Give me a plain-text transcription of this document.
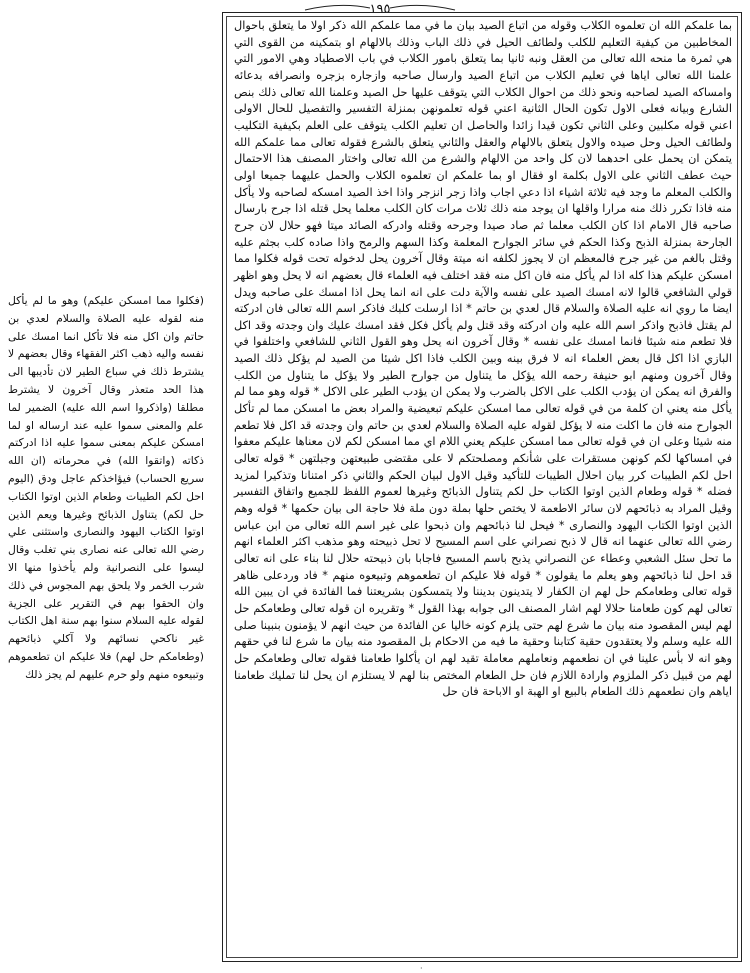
١٩٥

بما علمكم الله ان تعلموه الكلاب وقوله من اتباع الصيد بيان ما في مما علمكم الله ذكر اولا ما يتعلق باحوال المخاطبين من كيفية التعليم للكلب ولطائف الحيل في ذلك الباب وذلك بالالهام او بتمكينه من القوى التي هي ثمرة ما منحه الله تعالى من العقل ونبه ثانيا بما يتعلق بامور الكلاب في باب الاصطياد وهي الامور التي علمنا الله تعالى اياها في تعليم الكلاب من اتباع الصيد وارسال صاحبه وازجاره بزجره وانصرافه بدعائه وامساكه الصيد لصاحبه ونحو ذلك من احوال الكلاب التي يتوقف عليها حل الصيد وعلمنا الله تعالى ذلك بنص الشارع وبيانه فعلى الاول تكون الحال الثانية اعني قوله تعلمونهن بمنزلة التفسير والتفصيل للحال الاولى اعني قوله مكلبين وعلى الثاني تكون قيدا زائدا والحاصل ان تعليم الكلب يتوقف على العلم بكيفية التكليب ولطائف الحيل وحل صيده والاول يتعلق بالالهام والعقل والثاني يتعلق بالشرع فقوله تعالى مما علمكم الله يتمكن ان يحمل على احدهما لان كل واحد من الالهام والشرع من الله تعالى واختار المصنف هذا الاحتمال حيث عطف الثاني على الاول بكلمة او فقال او بما علمكم ان تعلموه الكلاب والحمل عليهما جميعا اولى والكلب المعلم ما وجد فيه ثلاثة اشياء اذا دعي اجاب واذا زجر انزجر واذا اخذ الصيد امسكه لصاحبه ولا يأكل منه فاذا تكرر ذلك منه مرارا واقلها ان يوجد منه ذلك ثلاث مرات كان الكلب معلما يحل قتله اذا جرح بارسال صاحبه قال الامام اذا كان الكلب معلما ثم صاد صيدا وجرحه وقتله وادركه الصائد ميتا فهو حلال لان جرح الجارحة بمنزلة الذبح وكذا الحكم في سائر الجوارح المعلمة وكذا السهم والرمح واذا صاده كلب بجثم عليه وقتل بالغم من غير جرح فالمعظم ان لا يجوز لكلفه انه ميتة وقال آخرون يحل لدخوله تحت قوله فكلوا مما امسكن عليكم هذا كله اذا لم يأكل منه فان اكل منه فقد اختلف فيه العلماء قال بعضهم انه لا يحل وهو اظهر قولي الشافعي قالوا لانه امسك الصيد على نفسه والآية دلت على انه انما يحل اذا امسك على صاحبه ويدل ايضا ما روي انه عليه الصلاة والسلام قال لعدي بن حاتم * اذا ارسلت كلبك فاذكر اسم الله تعالى فان ادركته لم يقتل فاذبح واذكر اسم الله عليه وان ادركته وقد قتل ولم يأكل فكل فقد امسك عليك وان وجدته وقد اكل فلا تطعم منه شيئا فانما امسك على نفسه * وقال آخرون انه يحل وهو القول الثاني للشافعي واختلفوا في البازي اذا اكل قال بعض العلماء انه لا فرق بينه وبين الكلب فاذا اكل شيئا من الصيد لم يؤكل ذلك الصيد وقال آخرون ومنهم ابو حنيفة رحمه الله يؤكل ما يتناول من جوارح الطير ولا يؤكل ما يتناول من الكلب والفرق انه يمكن ان يؤدب الكلب على الاكل بالضرب ولا يمكن ان يؤدب الطير على الاكل * قوله وهو مما لم يأكل منه يعني ان كلمة من في قوله تعالى مما امسكن عليكم تبعيضية والمراد بعض ما امسكن مما لم تأكل الجوارح منه فان ما اكلت منه لا يؤكل لقوله عليه الصلاة والسلام لعدي بن حاتم وان وجدته قد اكل فلا تطعم منه شيئا وعلى ان في قوله تعالى مما امسكن عليكم يعني اللام اي مما امسكن لكم لان معناها عليكم معفوا في امساكها لكم كونهن مستقرات على شأنكم ومصلحتكم لا على مقتضى طبيعتهن وجبلتهن * قوله تعالى احل لكم الطيبات كرر بيان احلال الطيبات للتأكيد وقيل الاول لبيان الحكم والثاني ذكر امتنانا وتذكيرا لمزيد فضله * قوله وطعام الذين اوتوا الكتاب حل لكم يتناول الذبائح وغيرها لعموم اللفظ للجميع واتفاق التفسير وقيل المراد به ذبائحهم لان سائر الاطعمة لا يختص حلها بملة دون ملة فلا حاجة الى بيان حكمها * قوله وهم الذين اوتوا الكتاب اليهود والنصارى * فيحل لنا ذبائحهم وان ذبحوا على غير اسم الله تعالى من ابن عباس رضي الله تعالى عنهما انه قال لا ذبح نصراني على اسم المسيح لا تحل ذبيحته وهو مذهب اكثر العلماء انهم ما تحل سئل الشعبي وعطاء عن النصراني يذبح باسم المسيح فاجابا بان ذبيحته حلال لنا بناء على انه تعالى قد احل لنا ذبائحهم وهو يعلم ما يقولون * قوله فلا عليكم ان تطعموهم وتبيعوه منهم * فاد وردعلى ظاهر قوله تعالى وطعامكم حل لهم ان الكفار لا يتدينون بديننا ولا يتمسكون بشريعتنا فما الفائدة في ان يبين الله تعالى لهم كون طعامنا حلالا لهم اشار المصنف الى جوابه بهذا القول * وتقريره ان قوله تعالى وطعامكم حل لهم ليس المقصود منه بيان ما شرع لهم حتى يلزم كونه خاليا عن الفائدة من حيث انهم لا يؤمنون بنبينا صلى الله عليه وسلم ولا يعتقدون حقية كتابنا وحقية ما فيه من الاحكام بل المقصود منه بيان ما شرع لنا في حقهم وهو انه لا بأس علينا في ان نطعمهم ونعاملهم معاملة تقيد لهم ان يأكلوا طعامنا فقوله تعالى وطعامكم حل لهم من قبيل ذكر الملزوم وارادة اللازم فان حل الطعام المختص بنا لهم لا يستلزم ان يحل لنا تمليك طعامنا اياهم وان نطعمهم ذلك الطعام بالبيع او الهبة او الاباحة فان حل

(فكلوا مما امسكن عليكم) وهو ما لم يأكل منه لقوله عليه الصلاة والسلام لعدي بن حاتم وان اكل منه فلا تأكل انما امسك على نفسه واليه ذهب اكثر الفقهاء وقال بعضهم لا يشترط ذلك في سباع الطير لان تأديبها الى هذا الحد متعذر وقال آخرون لا يشترط مطلقا (واذكروا اسم الله عليه) الضمير لما علم والمعنى سموا عليه عند ارساله او لما امسكن عليكم بمعنى سموا عليه اذا ادركتم ذكاته (واتقوا الله) في محرماته (ان الله سريع الحساب) فيؤاخذكم عاجل ودق (اليوم احل لكم الطيبات وطعام الذين اوتوا الكتاب حل لكم) يتناول الذبائح وغيرها ويعم الذين اوتوا الكتاب اليهود والنصارى واستثنى علي رضي الله تعالى عنه نصارى بني تغلب وقال ليسوا على النصرانية ولم يأخذوا منها الا شرب الخمر ولا يلحق بهم المجوس في ذلك وان الحقوا بهم في التقرير على الجزية لقوله عليه السلام سنوا بهم سنة اهل الكتاب غير ناكحي نسائهم ولا آكلي ذبائحهم (وطعامكم حل لهم) فلا عليكم ان تطعموهم وتبيعوه منهم ولو حرم عليهم لم يجز ذلك

·
